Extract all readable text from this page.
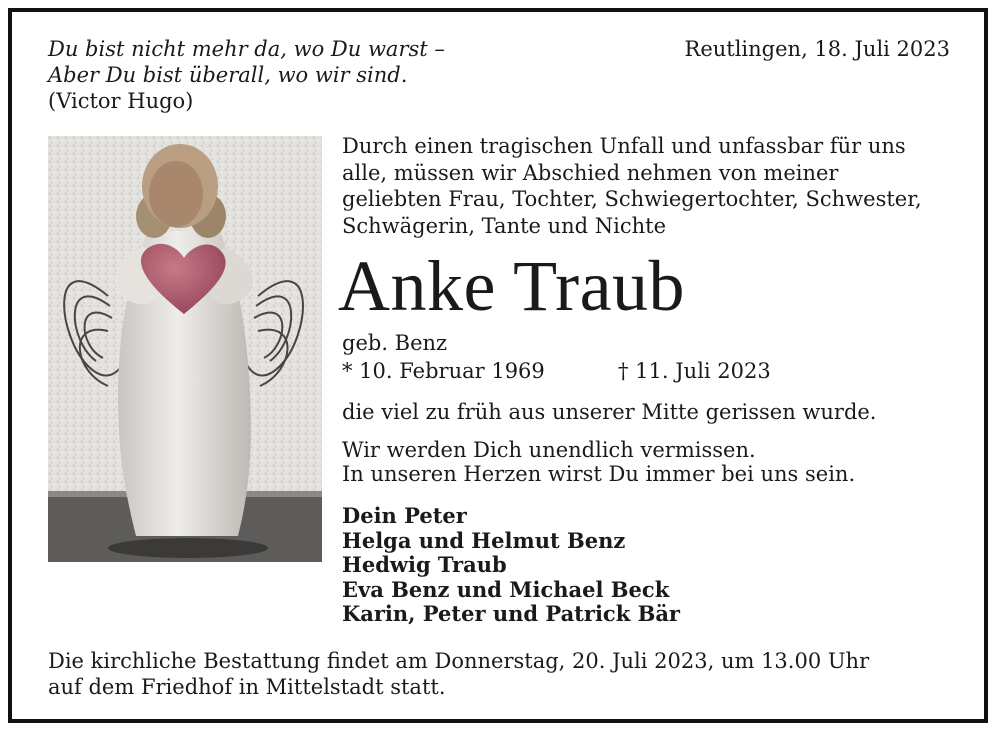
Du bist nicht mehr da, wo Du warst –
Aber Du bist überall, wo wir sind.
(Victor Hugo)
Reutlingen, 18. Juli 2023
Durch einen tragischen Unfall und unfassbar für uns
alle, müssen wir Abschied nehmen von meiner
geliebten Frau, Tochter, Schwiegertochter, Schwester,
Schwägerin, Tante und Nichte
Anke Traub
geb. Benz
* 10. Februar 1969	† 11. Juli 2023
die viel zu früh aus unserer Mitte gerissen wurde.
Wir werden Dich unendlich vermissen.
In unseren Herzen wirst Du immer bei uns sein.
Dein Peter
Helga und Helmut Benz
Hedwig Traub
Eva Benz und Michael Beck
Karin, Peter und Patrick Bär
Die kirchliche Bestattung findet am Donnerstag, 20. Juli 2023, um 13.00 Uhr
auf dem Friedhof in Mittelstadt statt.
